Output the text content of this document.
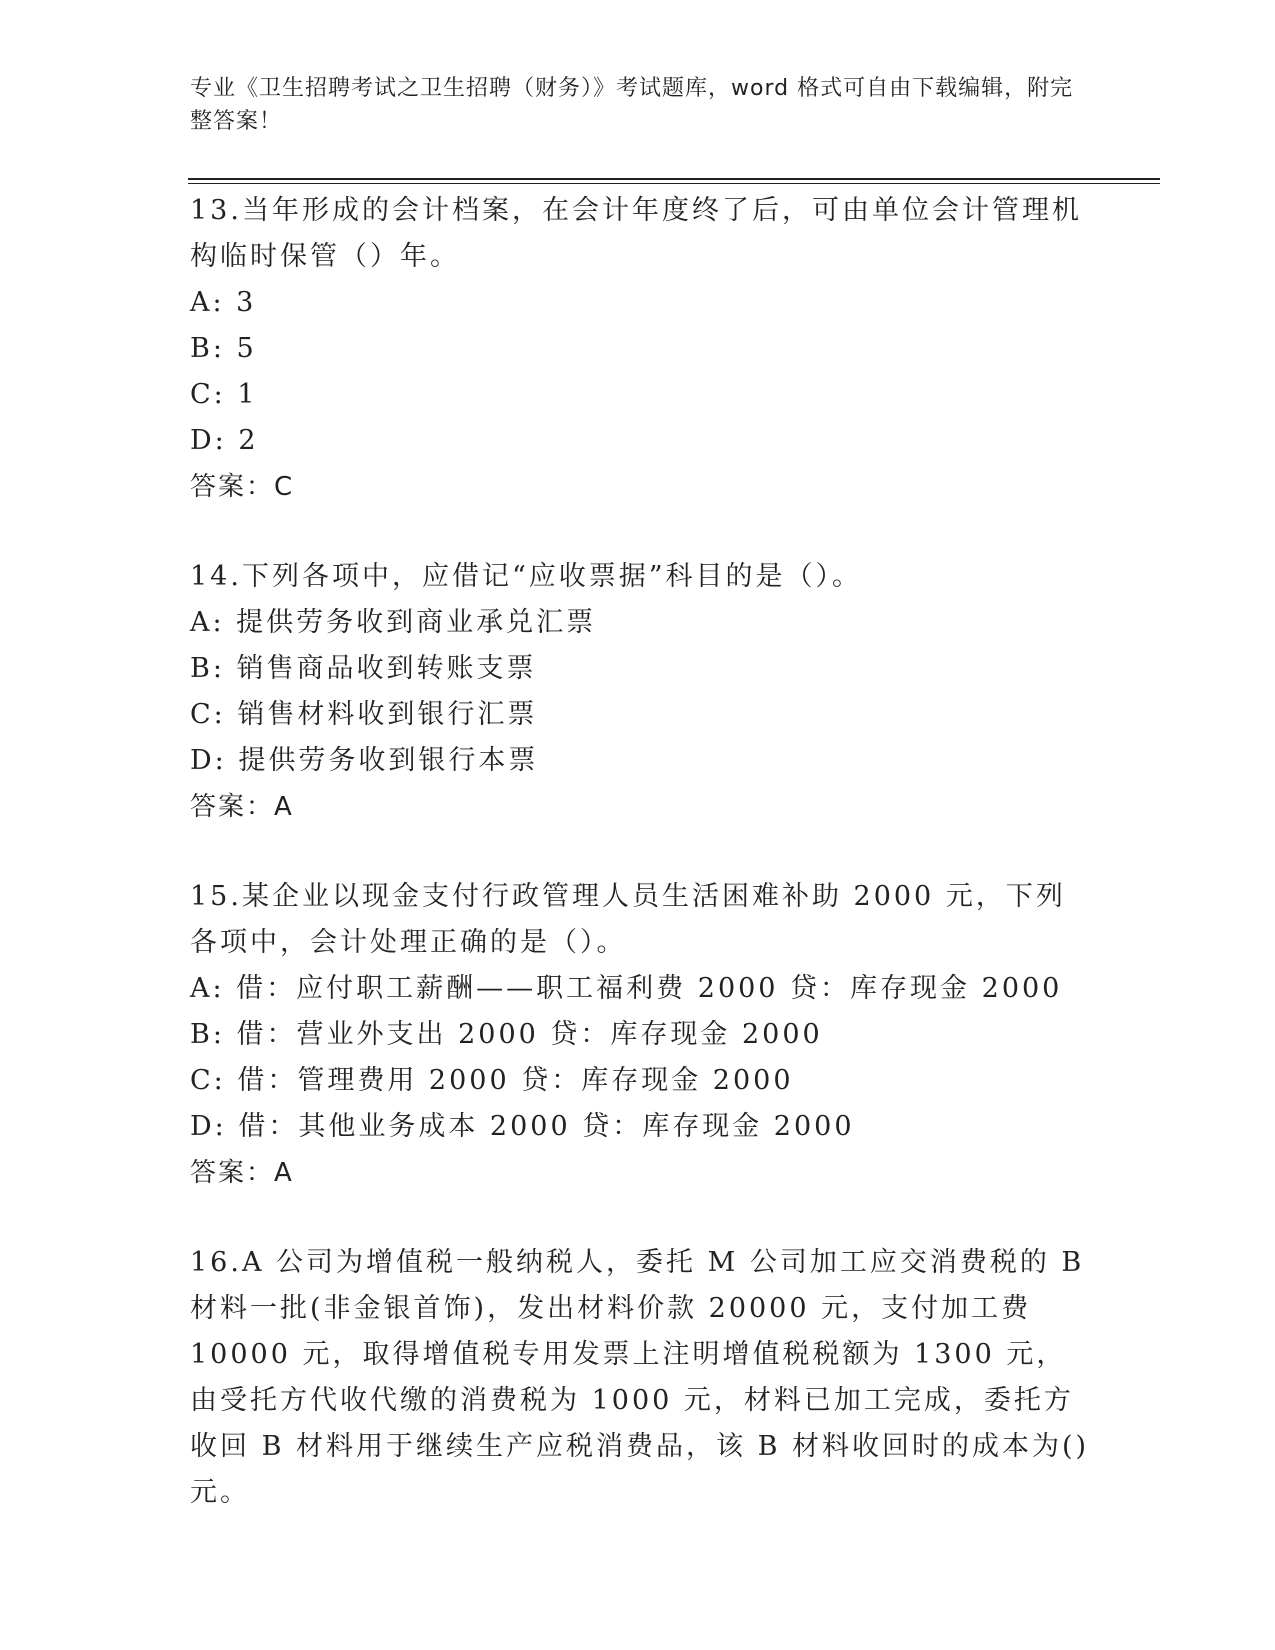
专业《卫生招聘考试之卫生招聘（财务）》考试题库，word 格式可自由下载编辑，附完整答案！

13.当年形成的会计档案，在会计年度终了后，可由单位会计管理机构临时保管（）年。

A: 3

B: 5

C: 1

D: 2

答案：C

14.下列各项中，应借记“应收票据”科目的是（）。

A: 提供劳务收到商业承兑汇票

B: 销售商品收到转账支票

C: 销售材料收到银行汇票

D: 提供劳务收到银行本票

答案：A

15.某企业以现金支付行政管理人员生活困难补助 2000 元，下列各项中，会计处理正确的是（）。

A: 借：应付职工薪酬——职工福利费 2000 贷：库存现金 2000

B: 借：营业外支出 2000 贷：库存现金 2000

C: 借：管理费用 2000 贷：库存现金 2000

D: 借：其他业务成本 2000 贷：库存现金 2000

答案：A

16.A 公司为增值税一般纳税人，委托 M 公司加工应交消费税的 B 材料一批(非金银首饰)，发出材料价款 20000 元，支付加工费 10000 元，取得增值税专用发票上注明增值税税额为 1300 元，由受托方代收代缴的消费税为 1000 元，材料已加工完成，委托方收回 B 材料用于继续生产应税消费品，该 B 材料收回时的成本为()元。
